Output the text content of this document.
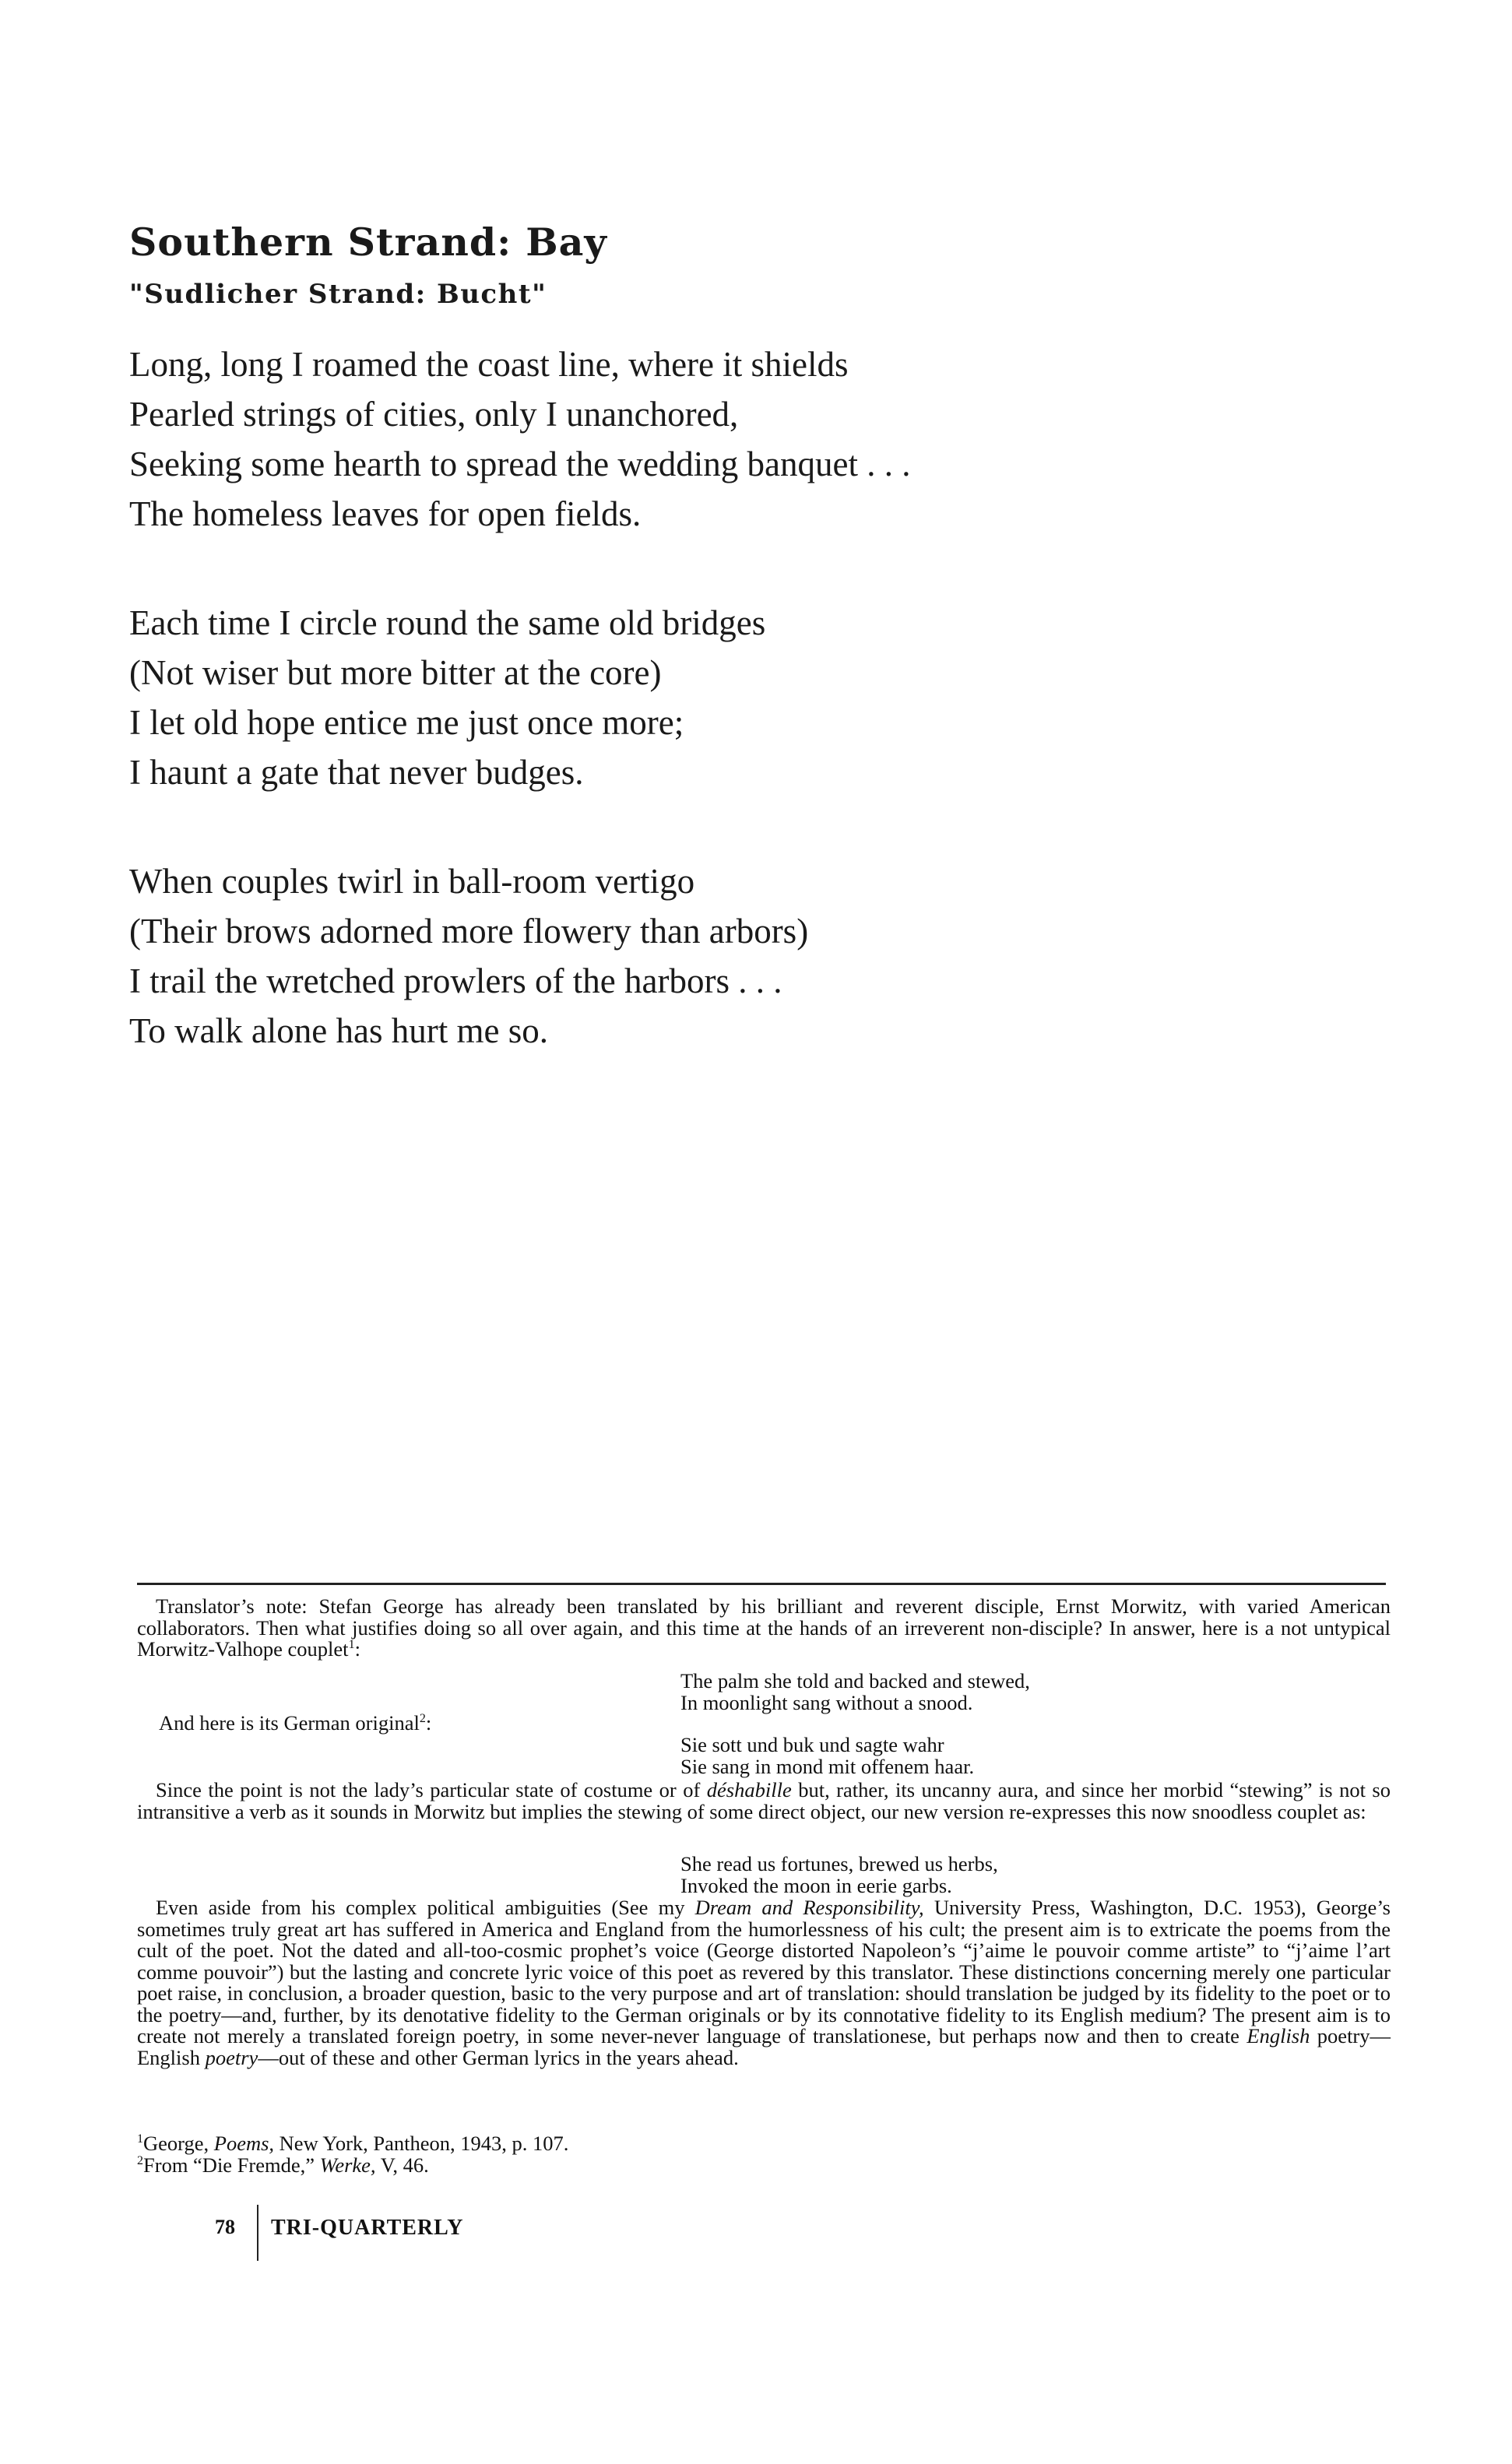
Southern Strand: Bay
"Sudlicher Strand: Bucht"
Long, long I roamed the coast line, where it shields
Pearled strings of cities, only I unanchored,
Seeking some hearth to spread the wedding banquet . . .
The homeless leaves for open fields.
Each time I circle round the same old bridges
(Not wiser but more bitter at the core)
I let old hope entice me just once more;
I haunt a gate that never budges.
When couples twirl in ball-room vertigo
(Their brows adorned more flowery than arbors)
I trail the wretched prowlers of the harbors . . .
To walk alone has hurt me so.

Translator’s note: Stefan George has already been translated by his brilliant and reverent disciple, Ernst Morwitz, with varied American collaborators. Then what justifies doing so all over again, and this time at the hands of an irreverent non-disciple? In answer, here is a not untypical Morwitz-Valhope couplet$^1$:

The palm she told and backed and stewed,
In moonlight sang without a snood.
And here is its German original$^2$:
Sie sott und buk und sagte wahr
Sie sang in mond mit offenem haar.

Since the point is not the lady’s particular state of costume or of déshabille but, rather, its uncanny aura, and since her morbid “stewing” is not so intransitive a verb as it sounds in Morwitz but implies the stewing of some direct object, our new version re-expresses this now snoodless couplet as:

She read us fortunes, brewed us herbs,
Invoked the moon in eerie garbs.

Even aside from his complex political ambiguities (See my Dream and Responsibility, University Press, Washington, D.C. 1953), George’s sometimes truly great art has suffered in America and England from the humorlessness of his cult; the present aim is to extricate the poems from the cult of the poet. Not the dated and all-too-cosmic prophet’s voice (George distorted Napoleon’s “j’aime le pouvoir comme artiste” to “j’aime l’art comme pouvoir”) but the lasting and concrete lyric voice of this poet as revered by this translator. These distinctions concerning merely one particular poet raise, in conclusion, a broader question, basic to the very purpose and art of translation: should translation be judged by its fidelity to the poet or to the poetry—and, further, by its denotative fidelity to the German originals or by its connotative fidelity to its English medium? The present aim is to create not merely a translated foreign poetry, in some never-never language of translationese, but perhaps now and then to create English poetry—English poetry—out of these and other German lyrics in the years ahead.

$^1$George, Poems, New York, Pantheon, 1943, p. 107.
$^2$From “Die Fremde,” Werke, V, 46.
78 TRI-QUARTERLY
